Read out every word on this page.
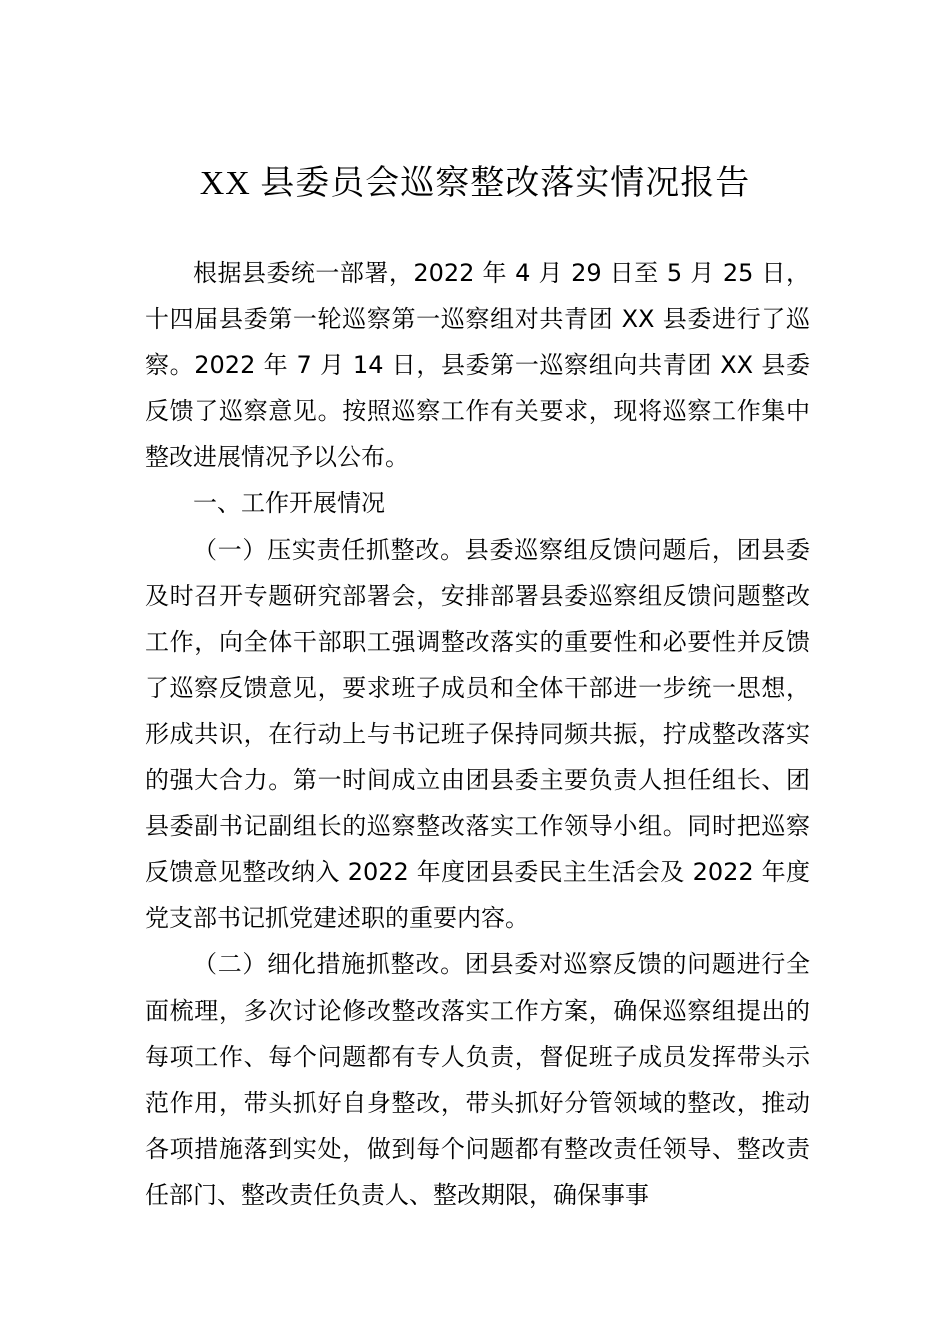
XX 县委员会巡察整改落实情况报告

根据县委统一部署，2022 年 4 月 29 日至 5 月 25 日，十四届县委第一轮巡察第一巡察组对共青团 XX 县委进行了巡察。2022 年 7 月 14 日，县委第一巡察组向共青团 XX 县委反馈了巡察意见。按照巡察工作有关要求，现将巡察工作集中整改进展情况予以公布。

一、工作开展情况

（一）压实责任抓整改。县委巡察组反馈问题后，团县委及时召开专题研究部署会，安排部署县委巡察组反馈问题整改工作，向全体干部职工强调整改落实的重要性和必要性并反馈了巡察反馈意见，要求班子成员和全体干部进一步统一思想，形成共识，在行动上与书记班子保持同频共振，拧成整改落实的强大合力。第一时间成立由团县委主要负责人担任组长、团县委副书记副组长的巡察整改落实工作领导小组。同时把巡察反馈意见整改纳入 2022 年度团县委民主生活会及 2022 年度党支部书记抓党建述职的重要内容。

（二）细化措施抓整改。团县委对巡察反馈的问题进行全面梳理，多次讨论修改整改落实工作方案，确保巡察组提出的每项工作、每个问题都有专人负责，督促班子成员发挥带头示范作用，带头抓好自身整改，带头抓好分管领域的整改，推动各项措施落到实处，做到每个问题都有整改责任领导、整改责任部门、整改责任负责人、整改期限，确保事事
